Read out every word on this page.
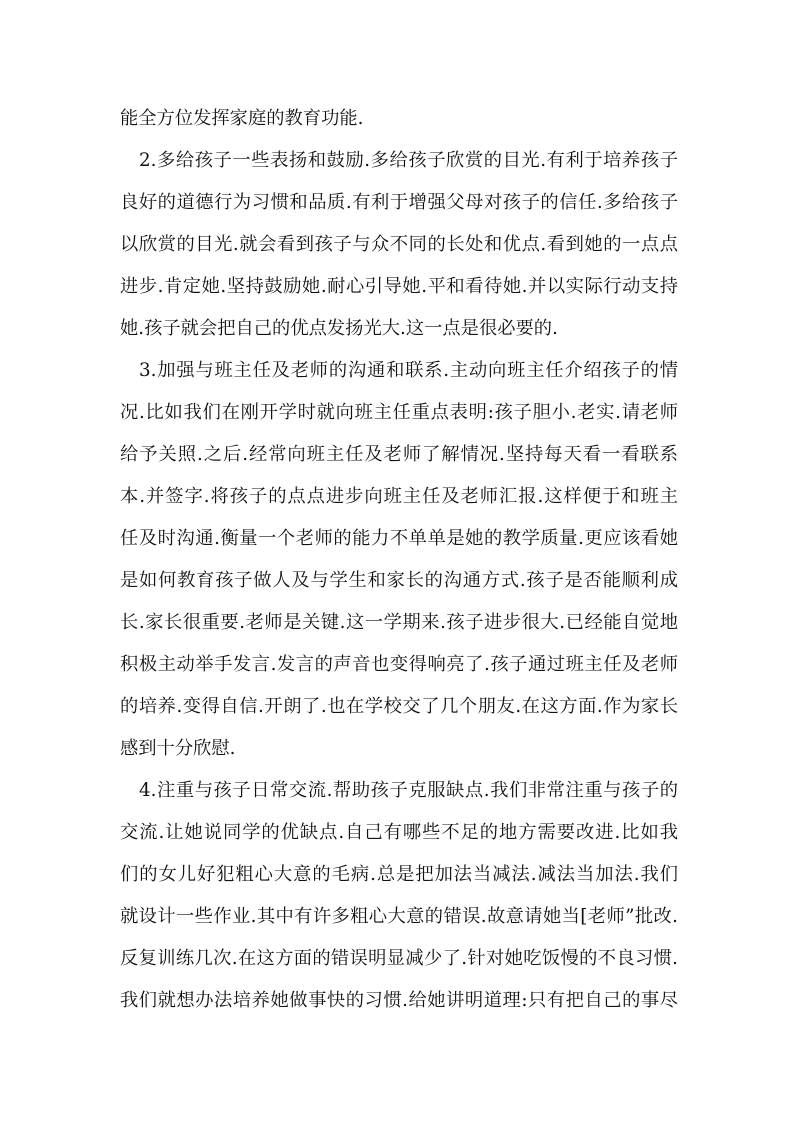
能全方位发挥家庭的教育功能.
2.多给孩子一些表扬和鼓励.多给孩子欣赏的目光.有利于培养孩子
良好的道德行为习惯和品质.有利于增强父母对孩子的信任.多给孩子
以欣赏的目光.就会看到孩子与众不同的长处和优点.看到她的一点点
进步.肯定她.坚持鼓励她.耐心引导她.平和看待她.并以实际行动支持
她.孩子就会把自己的优点发扬光大.这一点是很必要的.
3.加强与班主任及老师的沟通和联系.主动向班主任介绍孩子的情
况.比如我们在刚开学时就向班主任重点表明:孩子胆小.老实.请老师
给予关照.之后.经常向班主任及老师了解情况.坚持每天看一看联系
本.并签字.将孩子的点点进步向班主任及老师汇报.这样便于和班主
任及时沟通.衡量一个老师的能力不单单是她的教学质量.更应该看她
是如何教育孩子做人及与学生和家长的沟通方式.孩子是否能顺利成
长.家长很重要.老师是关键.这一学期来.孩子进步很大.已经能自觉地
积极主动举手发言.发言的声音也变得响亮了.孩子通过班主任及老师
的培养.变得自信.开朗了.也在学校交了几个朋友.在这方面.作为家长
感到十分欣慰.
4.注重与孩子日常交流.帮助孩子克服缺点.我们非常注重与孩子的
交流.让她说同学的优缺点.自己有哪些不足的地方需要改进.比如我
们的女儿好犯粗心大意的毛病.总是把加法当减法.减法当加法.我们
就设计一些作业.其中有许多粗心大意的错误.故意请她当[老师”批改.
反复训练几次.在这方面的错误明显减少了.针对她吃饭慢的不良习惯.
我们就想办法培养她做事快的习惯.给她讲明道理:只有把自己的事尽
